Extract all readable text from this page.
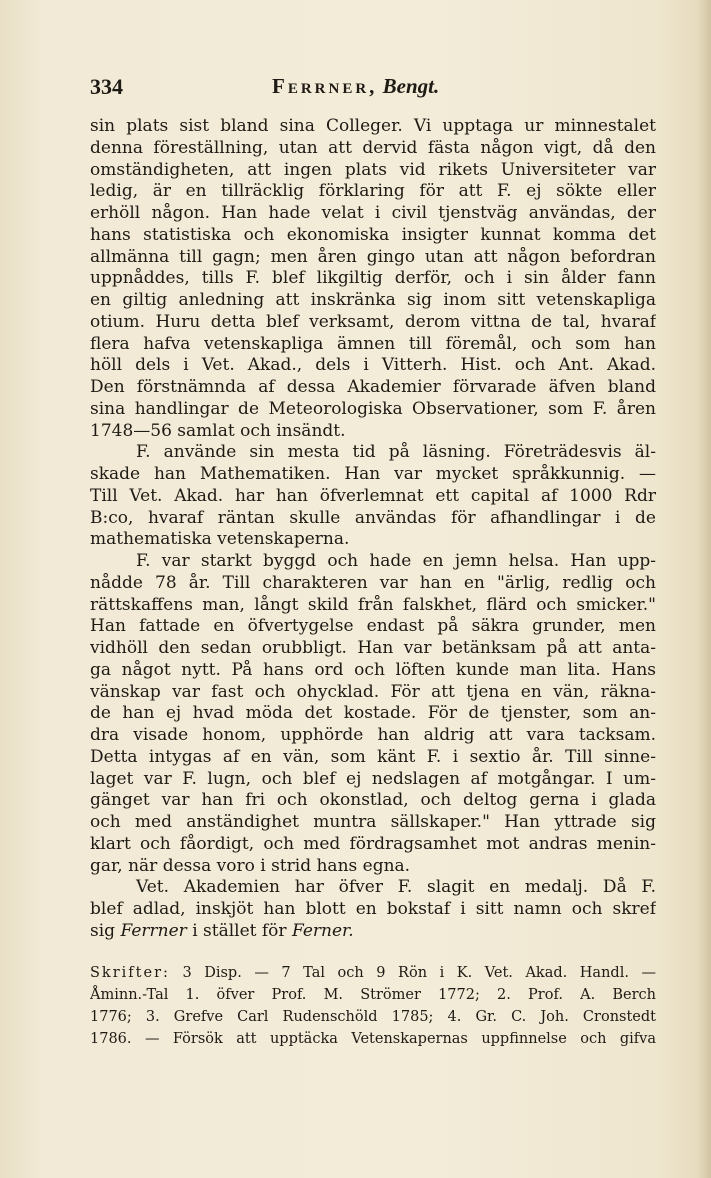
334	Ferrner, Bengt.
sin plats sist bland sina Colleger. Vi upptaga ur minnestalet
denna föreställning, utan att dervid fästa någon vigt, då den
omständigheten, att ingen plats vid rikets Universiteter var
ledig, är en tillräcklig förklaring för att F. ej sökte eller
erhöll någon. Han hade velat i civil tjenstväg användas, der
hans statistiska och ekonomiska insigter kunnat komma det
allmänna till gagn; men åren gingo utan att någon befordran
uppnåddes, tills F. blef likgiltig derför, och i sin ålder fann
en giltig anledning att inskränka sig inom sitt vetenskapliga
otium. Huru detta blef verksamt, derom vittna de tal, hvaraf
flera hafva vetenskapliga ämnen till föremål, och som han
höll dels i Vet. Akad., dels i Vitterh. Hist. och Ant. Akad.
Den förstnämnda af dessa Akademier förvarade äfven bland
sina handlingar de Meteorologiska Observationer, som F. åren
1748—56 samlat och insändt.
F. använde sin mesta tid på läsning. Företrädesvis äl-
skade han Mathematiken. Han var mycket språkkunnig. —
Till Vet. Akad. har han öfverlemnat ett capital af 1000 Rdr
B:co, hvaraf räntan skulle användas för afhandlingar i de
mathematiska vetenskaperna.
F. var starkt byggd och hade en jemn helsa. Han upp-
nådde 78 år. Till charakteren var han en "ärlig, redlig och
rättskaffens man, långt skild från falskhet, flärd och smicker."
Han fattade en öfvertygelse endast på säkra grunder, men
vidhöll den sedan orubbligt. Han var betänksam på att anta-
ga något nytt. På hans ord och löften kunde man lita. Hans
vänskap var fast och ohycklad. För att tjena en vän, räkna-
de han ej hvad möda det kostade. För de tjenster, som an-
dra visade honom, upphörde han aldrig att vara tacksam.
Detta intygas af en vän, som känt F. i sextio år. Till sinne-
laget var F. lugn, och blef ej nedslagen af motgångar. I um-
gänget var han fri och okonstlad, och deltog gerna i glada
och med anständighet muntra sällskaper." Han yttrade sig
klart och fåordigt, och med fördragsamhet mot andras menin-
gar, när dessa voro i strid hans egna.
Vet. Akademien har öfver F. slagit en medalj. Då F.
blef adlad, inskjöt han blott en bokstaf i sitt namn och skref
sig Ferrner i stället för Ferner.
Skrifter: 3 Disp. — 7 Tal och 9 Rön i K. Vet. Akad. Handl. —
Åminn.-Tal 1. öfver Prof. M. Strömer 1772; 2. Prof. A. Berch
1776; 3. Grefve Carl Rudenschöld 1785; 4. Gr. C. Joh. Cronstedt
1786. — Försök att upptäcka Vetenskapernas uppfinnelse och gifva
